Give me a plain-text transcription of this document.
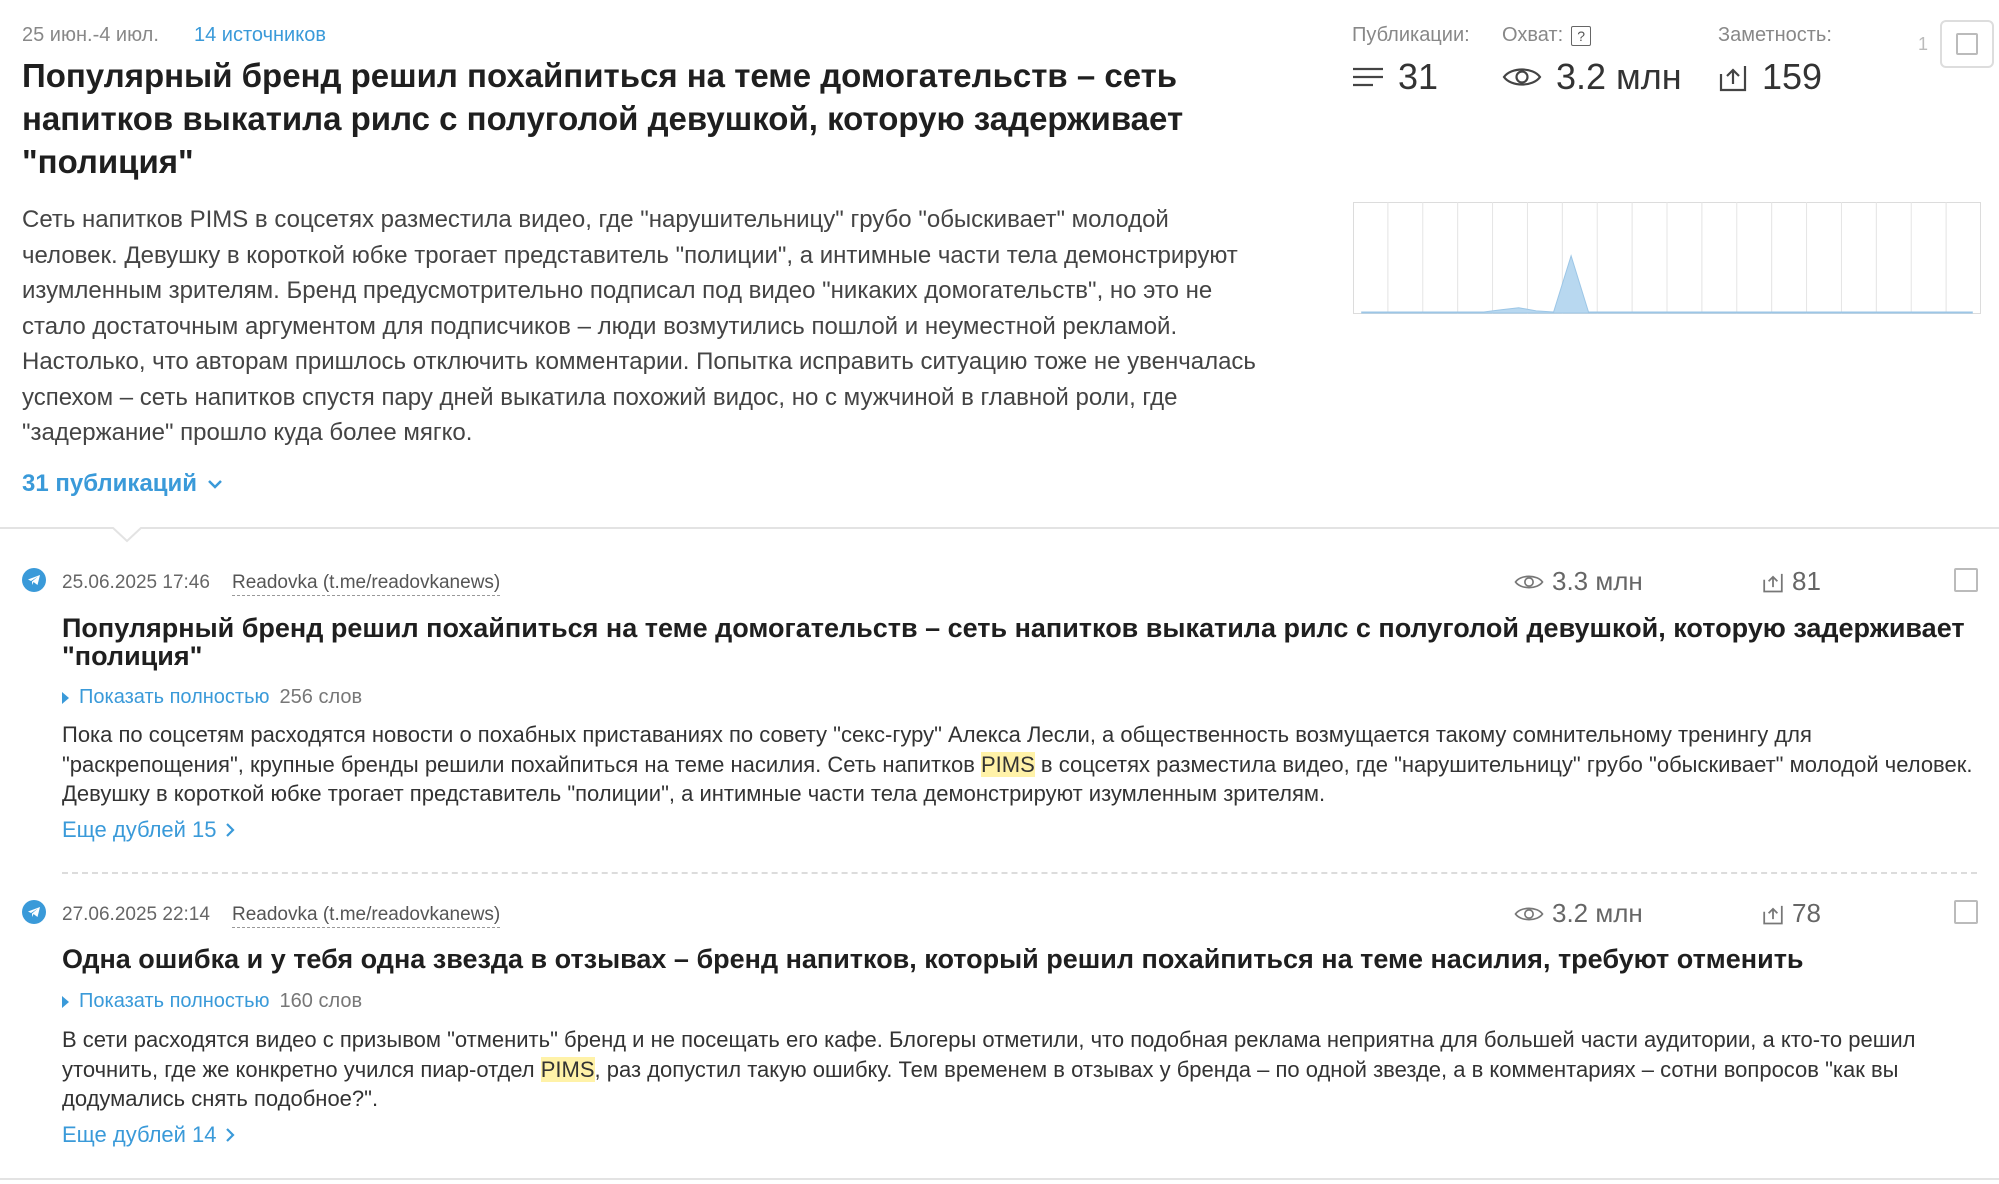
25 июн.-4 июл. 14 источников
Популярный бренд решил похайпиться на теме домогательств – сеть напитков выкатила рилс с полуголой девушкой, которую задерживает "полиция"
Сеть напитков PIMS в соцсетях разместила видео, где "нарушительницу" грубо "обыскивает" молодой человек. Девушку в короткой юбке трогает представитель "полиции", а интимные части тела демонстрируют изумленным зрителям. Бренд предусмотрительно подписал под видео "никаких домогательств", но это не стало достаточным аргументом для подписчиков – люди возмутились пошлой и неуместной рекламой. Настолько, что авторам пришлось отключить комментарии. Попытка исправить ситуацию тоже не увенчалась успехом – сеть напитков спустя пару дней выкатила похожий видос, но с мужчиной в главной роли, где "задержание" прошло куда более мягко.
31 публикаций
Публикации:
31
Охват: ?
3.2 млн
Заметность:
159
1
25.06.2025 17:46 Readovka (t.me/readovkanews)	3.3 млн	81
Популярный бренд решил похайпиться на теме домогательств – сеть напитков выкатила рилс с полуголой девушкой, которую задерживает "полиция"
Показать полностью 256 слов
Пока по соцсетям расходятся новости о похабных приставаниях по совету "секс-гуру" Алекса Лесли, а общественность возмущается такому сомнительному тренингу для "раскрепощения", крупные бренды решили похайпиться на теме насилия. Сеть напитков PIMS в соцсетях разместила видео, где "нарушительницу" грубо "обыскивает" молодой человек. Девушку в короткой юбке трогает представитель "полиции", а интимные части тела демонстрируют изумленным зрителям.
Еще дублей 15
27.06.2025 22:14 Readovka (t.me/readovkanews)	3.2 млн	78
Одна ошибка и у тебя одна звезда в отзывах – бренд напитков, который решил похайпиться на теме насилия, требуют отменить
Показать полностью 160 слов
В сети расходятся видео с призывом "отменить" бренд и не посещать его кафе. Блогеры отметили, что подобная реклама неприятна для большей части аудитории, а кто-то решил уточнить, где же конкретно учился пиар-отдел PIMS, раз допустил такую ошибку. Тем временем в отзывах у бренда – по одной звезде, а в комментариях – сотни вопросов "как вы додумались снять подобное?".
Еще дублей 14
